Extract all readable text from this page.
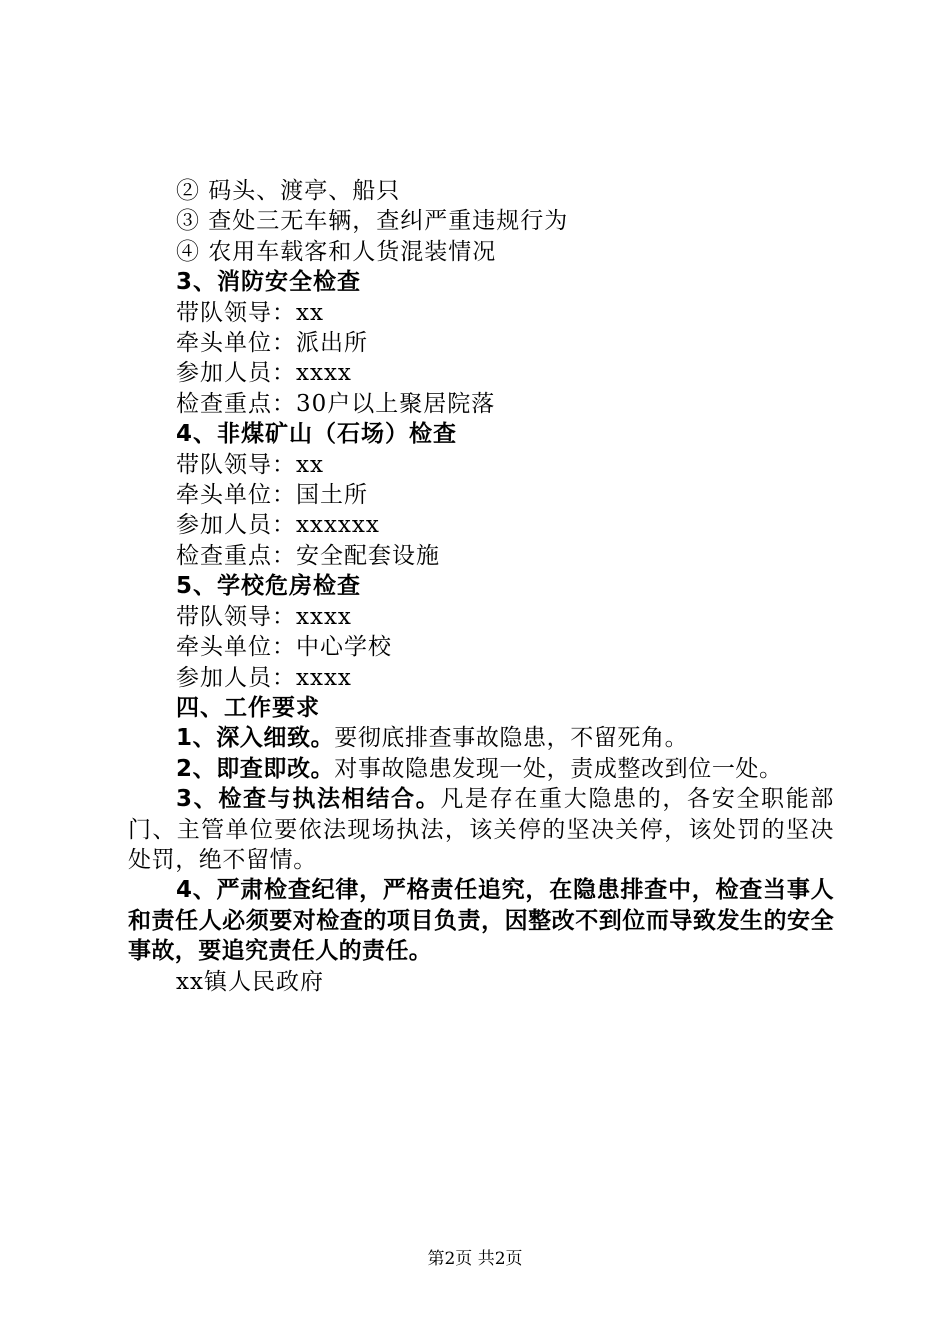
② 码头、渡亭、船只
③ 查处三无车辆，查纠严重违规行为
④ 农用车载客和人货混装情况
3、消防安全检查
带队领导：xx
牵头单位：派出所
参加人员：xxxx
检查重点：30户以上聚居院落
4、非煤矿山（石场）检查
带队领导：xx
牵头单位：国土所
参加人员：xxxxxx
检查重点：安全配套设施
5、学校危房检查
带队领导：xxxx
牵头单位：中心学校
参加人员：xxxx
四、工作要求
1、深入细致。要彻底排查事故隐患，不留死角。
2、即查即改。对事故隐患发现一处，责成整改到位一处。
3、检查与执法相结合。凡是存在重大隐患的，各安全职能部门、主管单位要依法现场执法，该关停的坚决关停，该处罚的坚决处罚，绝不留情。
4、严肃检查纪律，严格责任追究，在隐患排查中，检查当事人和责任人必须要对检查的项目负责，因整改不到位而导致发生的安全事故，要追究责任人的责任。
xx镇人民政府
第2页 共2页
